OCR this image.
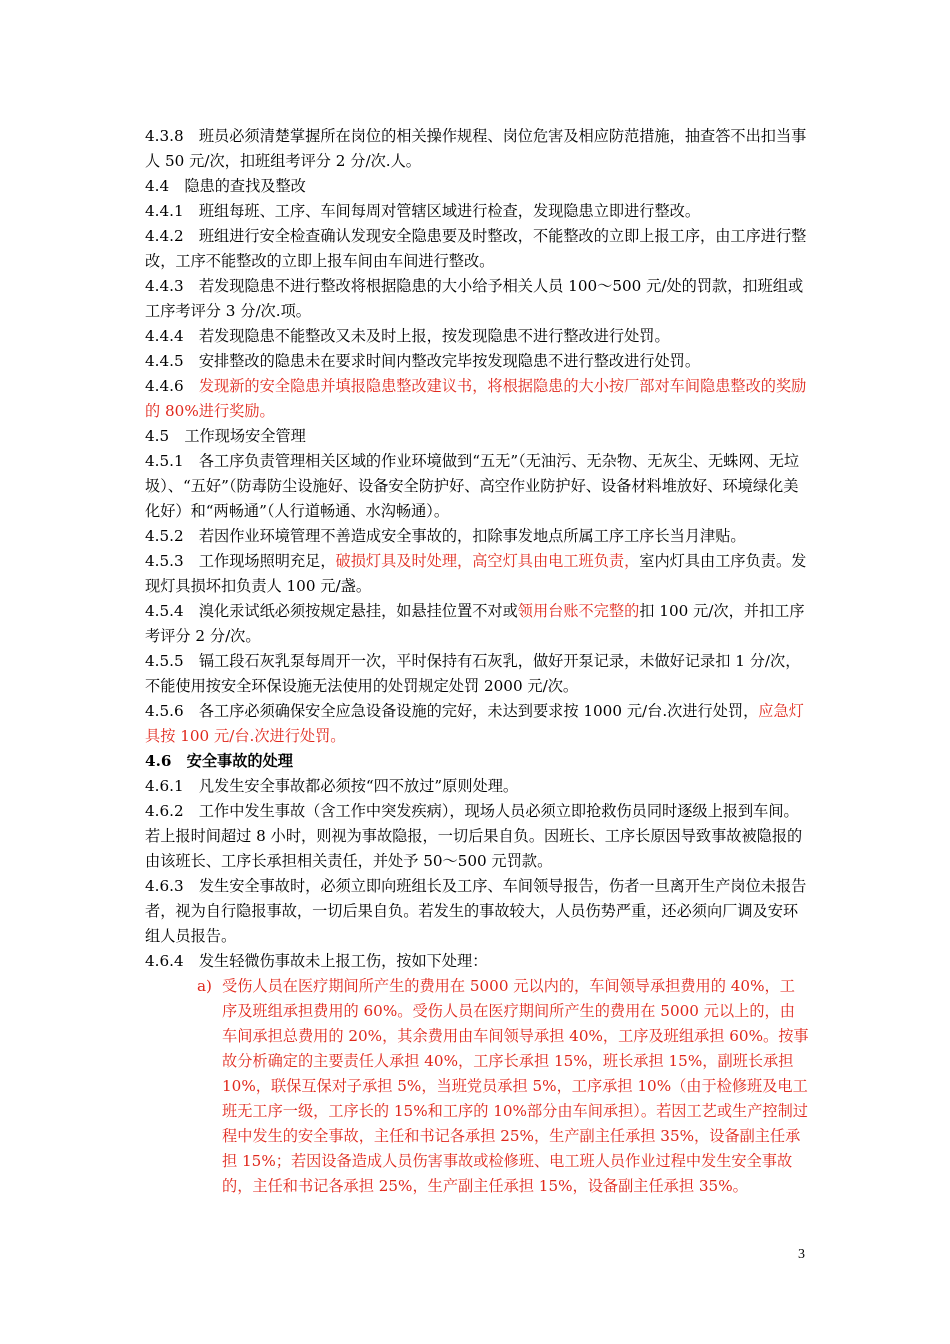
4.3.8　 班员必须清楚掌握所在岗位的相关操作规程、岗位危害及相应防范措施，抽查答不出扣当事人 50 元/次，扣班组考评分 2 分/次.人。

4.4　 隐患的查找及整改

4.4.1　 班组每班、工序、车间每周对管辖区域进行检查，发现隐患立即进行整改。

4.4.2　 班组进行安全检查确认发现安全隐患要及时整改，不能整改的立即上报工序，由工序进行整改，工序不能整改的立即上报车间由车间进行整改。

4.4.3　 若发现隐患不进行整改将根据隐患的大小给予相关人员 100～500 元/处的罚款，扣班组或工序考评分 3 分/次.项。

4.4.4　 若发现隐患不能整改又未及时上报，按发现隐患不进行整改进行处罚。

4.4.5　 安排整改的隐患未在要求时间内整改完毕按发现隐患不进行整改进行处罚。

4.4.6　 发现新的安全隐患并填报隐患整改建议书，将根据隐患的大小按厂部对车间隐患整改的奖励的 80%进行奖励。

4.5　 工作现场安全管理

4.5.1　 各工序负责管理相关区域的作业环境做到“五无”（无油污、无杂物、无灰尘、无蛛网、无垃圾）、“五好”（防毒防尘设施好、设备安全防护好、高空作业防护好、设备材料堆放好、环境绿化美化好）和“两畅通”（人行道畅通、水沟畅通）。

4.5.2　 若因作业环境管理不善造成安全事故的，扣除事发地点所属工序工序长当月津贴。

4.5.3　 工作现场照明充足，破损灯具及时处理，高空灯具由电工班负责，室内灯具由工序负责。发现灯具损坏扣负责人 100 元/盏。

4.5.4　 溴化汞试纸必须按规定悬挂，如悬挂位置不对或领用台账不完整的扣 100 元/次，并扣工序考评分 2 分/次。

4.5.5　 镉工段石灰乳泵每周开一次，平时保持有石灰乳，做好开泵记录，未做好记录扣 1 分/次，不能使用按安全环保设施无法使用的处罚规定处罚 2000 元/次。

4.5.6　 各工序必须确保安全应急设备设施的完好，未达到要求按 1000 元/台.次进行处罚，应急灯具按 100 元/台.次进行处罚。

4.6　 安全事故的处理

4.6.1　 凡发生安全事故都必须按“四不放过”原则处理。

4.6.2　 工作中发生事故（含工作中突发疾病），现场人员必须立即抢救伤员同时逐级上报到车间。若上报时间超过 8 小时，则视为事故隐报，一切后果自负。因班长、工序长原因导致事故被隐报的由该班长、工序长承担相关责任，并处予 50～500 元罚款。

4.6.3　 发生安全事故时，必须立即向班组长及工序、车间领导报告，伤者一旦离开生产岗位未报告者，视为自行隐报事故，一切后果自负。若发生的事故较大，人员伤势严重，还必须向厂调及安环组人员报告。

4.6.4　 发生轻微伤事故未上报工伤，按如下处理：

a) 受伤人员在医疗期间所产生的费用在 5000 元以内的，车间领导承担费用的 40%，工序及班组承担费用的 60%。受伤人员在医疗期间所产生的费用在 5000 元以上的，由车间承担总费用的 20%，其余费用由车间领导承担 40%，工序及班组承担 60%。按事故分析确定的主要责任人承担 40%，工序长承担 15%，班长承担 15%，副班长承担 10%，联保互保对子承担 5%，当班党员承担 5%，工序承担 10%（由于检修班及电工班无工序一级，工序长的 15%和工序的 10%部分由车间承担）。若因工艺或生产控制过程中发生的安全事故，主任和书记各承担 25%，生产副主任承担 35%，设备副主任承担 15%；若因设备造成人员伤害事故或检修班、电工班人员作业过程中发生安全事故的，主任和书记各承担 25%，生产副主任承担 15%，设备副主任承担 35%。

3
